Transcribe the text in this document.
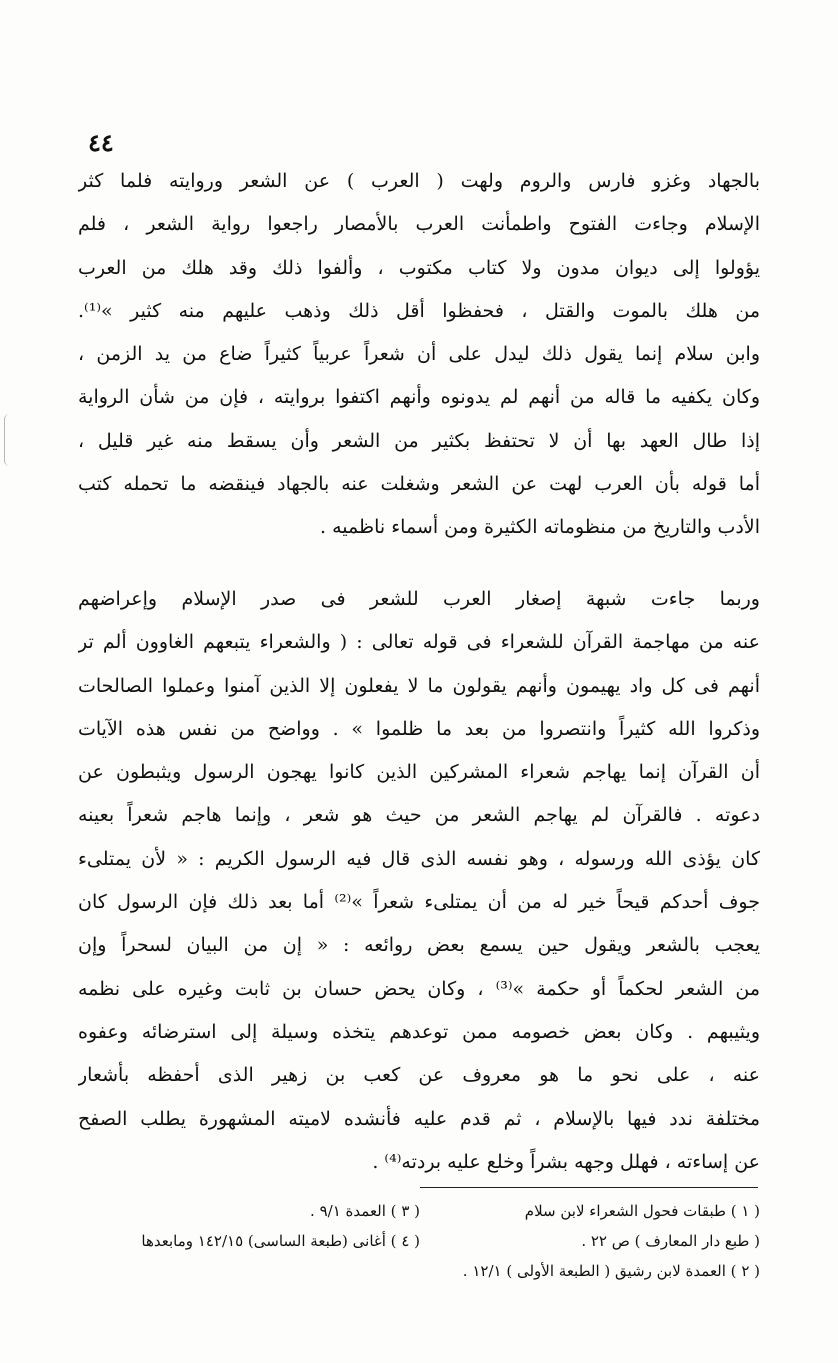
٤٤
بالجهاد وغزو فارس والروم ولهت ( العرب ) عن الشعر وروايته فلما كثر
الإسلام وجاءت الفتوح واطمأنت العرب بالأمصار راجعوا رواية الشعر ، فلم
يؤولوا إلى ديوان مدون ولا كتاب مكتوب ، وألفوا ذلك وقد هلك من العرب
من هلك بالموت والقتل ، فحفظوا أقل ذلك وذهب عليهم منه كثير »⁽¹⁾.
وابن سلام إنما يقول ذلك ليدل على أن شعراً عربياً كثيراً ضاع من يد الزمن ،
وكان يكفيه ما قاله من أنهم لم يدونوه وأنهم اكتفوا بروايته ، فإن من شأن الرواية
إذا طال العهد بها أن لا تحتفظ بكثير من الشعر وأن يسقط منه غير قليل ،
أما قوله بأن العرب لهت عن الشعر وشغلت عنه بالجهاد فينقضه ما تحمله كتب
الأدب والتاريخ من منظوماته الكثيرة ومن أسماء ناظميه .
وربما جاءت شبهة إصغار العرب للشعر فى صدر الإسلام وإعراضهم
عنه من مهاجمة القرآن للشعراء فى قوله تعالى : ( والشعراء يتبعهم الغاوون ألم تر
أنهم فى كل واد يهيمون وأنهم يقولون ما لا يفعلون إلا الذين آمنوا وعملوا الصالحات
وذكروا الله كثيراً وانتصروا من بعد ما ظلموا » . وواضح من نفس هذه الآيات
أن القرآن إنما يهاجم شعراء المشركين الذين كانوا يهجون الرسول ويثبطون عن
دعوته . فالقرآن لم يهاجم الشعر من حيث هو شعر ، وإنما هاجم شعراً بعينه
كان يؤذى الله ورسوله ، وهو نفسه الذى قال فيه الرسول الكريم : « لأن يمتلىء
جوف أحدكم قيحاً خير له من أن يمتلىء شعراً »⁽²⁾ أما بعد ذلك فإن الرسول كان
يعجب بالشعر ويقول حين يسمع بعض روائعه : « إن من البيان لسحراً وإن
من الشعر لحكماً أو حكمة »⁽³⁾ ، وكان يحض حسان بن ثابت وغيره على نظمه
ويثيبهم . وكان بعض خصومه ممن توعدهم يتخذه وسيلة إلى استرضائه وعفوه
عنه ، على نحو ما هو معروف عن كعب بن زهير الذى أحفظه بأشعار
مختلفة ندد فيها بالإسلام ، ثم قدم عليه فأنشده لاميته المشهورة يطلب الصفح
عن إساءته ، فهلل وجهه بشراً وخلع عليه بردته⁽⁴⁾ .
( ١ ) طبقات فحول الشعراء لابن سلام
( ٣ ) العمدة ٩/١ .
( طبع دار المعارف ) ص ٢٢ .
( ٤ ) أغانى (طبعة الساسى) ١٤٢/١٥ ومابعدها
( ٢ ) العمدة لابن رشيق ( الطبعة الأولى ) ١٢/١ .
